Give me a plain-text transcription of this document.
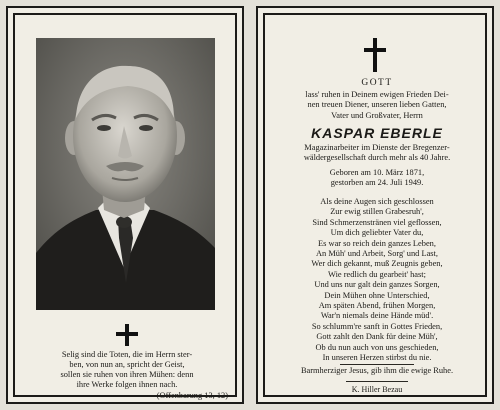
Selig sind die Toten, die im Herrn ster-
ben, von nun an, spricht der Geist,
sollen sie ruhen von ihren Mühen: denn
ihre Werke folgen ihnen nach.
(Offenbarung 13, 12)
GOTT
lass' ruhen in Deinem ewigen Frieden Dei-
nen treuen Diener, unseren lieben Gatten,
Vater und Großvater, Herrn
KASPAR EBERLE
Magazinarbeiter im Dienste der Bregenzer-
wäldergesellschaft durch mehr als 40 Jahre.
Geboren am 10. März 1871,
gestorben am 24. Juli 1949.
Als deine Augen sich geschlossen
Zur ewig stillen Grabesruh',
Sind Schmerzenstränen viel geflossen,
Um dich geliebter Vater du,
Es war so reich dein ganzes Leben,
An Müh' und Arbeit, Sorg' und Last,
Wer dich gekannt, muß Zeugnis geben,
Wie redlich du gearbeit' hast;
Und uns nur galt dein ganzes Sorgen,
Dein Mühen ohne Unterschied,
Am späten Abend, frühen Morgen,
War'n niemals deine Hände müd'.
So schlumm're sanft in Gottes Frieden,
Gott zahlt den Dank für deine Müh',
Ob du nun auch von uns geschieden,
In unseren Herzen stirbst du nie.
Barmherziger Jesus, gib ihm die ewige Ruhe.
K. Hiller Bezau
